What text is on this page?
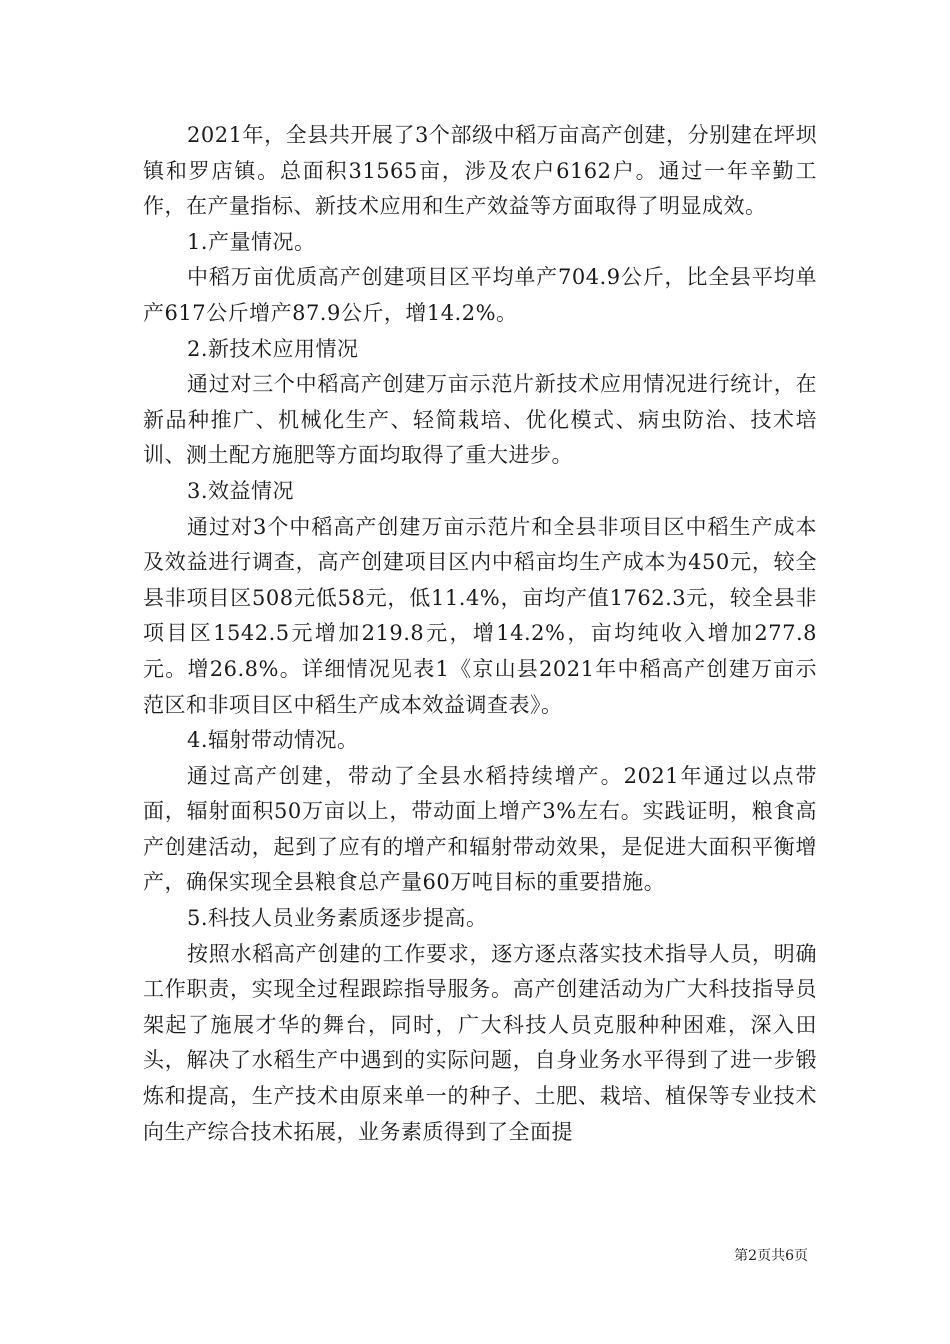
2021年，全县共开展了3个部级中稻万亩高产创建，分别建在坪坝镇和罗店镇。总面积31565亩，涉及农户6162户。通过一年辛勤工作，在产量指标、新技术应用和生产效益等方面取得了明显成效。

1.产量情况。

中稻万亩优质高产创建项目区平均单产704.9公斤，比全县平均单产617公斤增产87.9公斤，增14.2%。

2.新技术应用情况

通过对三个中稻高产创建万亩示范片新技术应用情况进行统计，在新品种推广、机械化生产、轻简栽培、优化模式、病虫防治、技术培训、测土配方施肥等方面均取得了重大进步。

3.效益情况

通过对3个中稻高产创建万亩示范片和全县非项目区中稻生产成本及效益进行调查，高产创建项目区内中稻亩均生产成本为450元，较全县非项目区508元低58元，低11.4%，亩均产值1762.3元，较全县非项目区1542.5元增加219.8元，增14.2%，亩均纯收入增加277.8元。增26.8%。详细情况见表1《京山县2021年中稻高产创建万亩示范区和非项目区中稻生产成本效益调查表》。

4.辐射带动情况。

通过高产创建，带动了全县水稻持续增产。2021年通过以点带面，辐射面积50万亩以上，带动面上增产3%左右。实践证明，粮食高产创建活动，起到了应有的增产和辐射带动效果，是促进大面积平衡增产，确保实现全县粮食总产量60万吨目标的重要措施。

5.科技人员业务素质逐步提高。

按照水稻高产创建的工作要求，逐方逐点落实技术指导人员，明确工作职责，实现全过程跟踪指导服务。高产创建活动为广大科技指导员架起了施展才华的舞台，同时，广大科技人员克服种种困难，深入田头，解决了水稻生产中遇到的实际问题，自身业务水平得到了进一步锻炼和提高，生产技术由原来单一的种子、土肥、栽培、植保等专业技术向生产综合技术拓展，业务素质得到了全面提

第2页共6页
